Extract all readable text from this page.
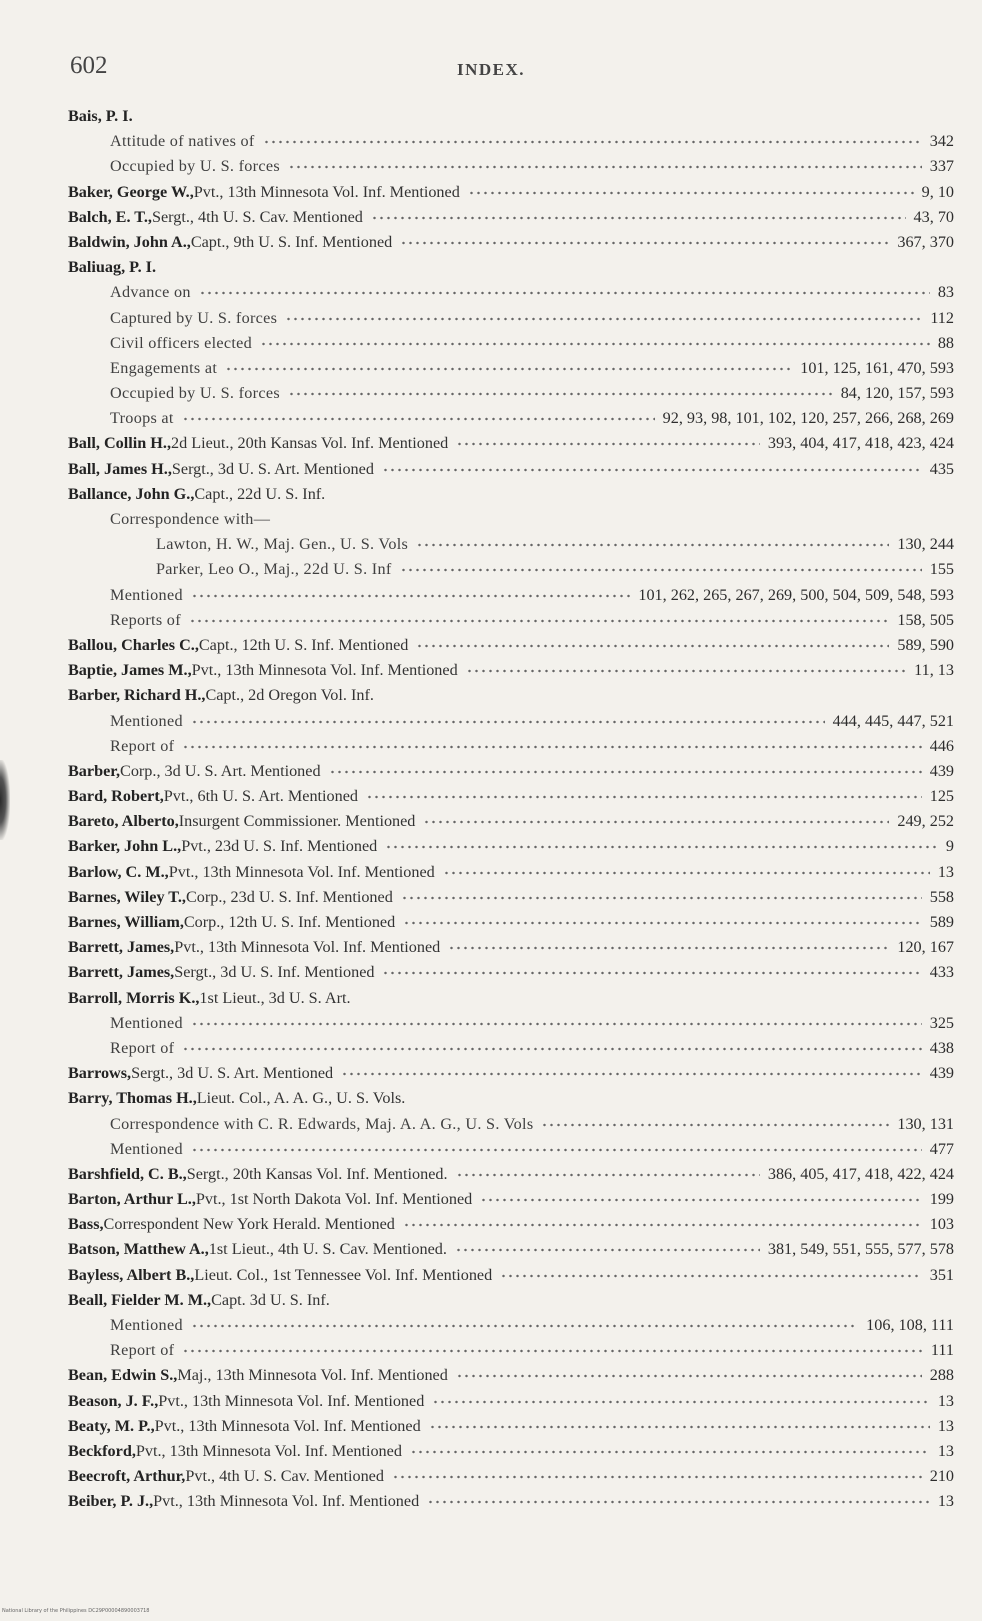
602	INDEX.
Bais, P. I.
Attitude of natives of	342
Occupied by U. S. forces	337
Baker, George W., Pvt., 13th Minnesota Vol. Inf. Mentioned	9, 10
Balch, E. T., Sergt., 4th U. S. Cav. Mentioned	43, 70
Baldwin, John A., Capt., 9th U. S. Inf. Mentioned	367, 370
Baliuag, P. I.
Advance on	83
Captured by U. S. forces	112
Civil officers elected	88
Engagements at	101, 125, 161, 470, 593
Occupied by U. S. forces	84, 120, 157, 593
Troops at	92, 93, 98, 101, 102, 120, 257, 266, 268, 269
Ball, Collin H., 2d Lieut., 20th Kansas Vol. Inf. Mentioned	393, 404, 417, 418, 423, 424
Ball, James H., Sergt., 3d U. S. Art. Mentioned	435
Ballance, John G., Capt., 22d U. S. Inf.
Correspondence with—
Lawton, H. W., Maj. Gen., U. S. Vols	130, 244
Parker, Leo O., Maj., 22d U. S. Inf	155
Mentioned	101, 262, 265, 267, 269, 500, 504, 509, 548, 593
Reports of	158, 505
Ballou, Charles C., Capt., 12th U. S. Inf. Mentioned	589, 590
Baptie, James M., Pvt., 13th Minnesota Vol. Inf. Mentioned	11, 13
Barber, Richard H., Capt., 2d Oregon Vol. Inf.
Mentioned	444, 445, 447, 521
Report of	446
Barber, Corp., 3d U. S. Art. Mentioned	439
Bard, Robert, Pvt., 6th U. S. Art. Mentioned	125
Bareto, Alberto, Insurgent Commissioner. Mentioned	249, 252
Barker, John L., Pvt., 23d U. S. Inf. Mentioned	9
Barlow, C. M., Pvt., 13th Minnesota Vol. Inf. Mentioned	13
Barnes, Wiley T., Corp., 23d U. S. Inf. Mentioned	558
Barnes, William, Corp., 12th U. S. Inf. Mentioned	589
Barrett, James, Pvt., 13th Minnesota Vol. Inf. Mentioned	120, 167
Barrett, James, Sergt., 3d U. S. Inf. Mentioned	433
Barroll, Morris K., 1st Lieut., 3d U. S. Art.
Mentioned	325
Report of	438
Barrows, Sergt., 3d U. S. Art. Mentioned	439
Barry, Thomas H., Lieut. Col., A. A. G., U. S. Vols.
Correspondence with C. R. Edwards, Maj. A. A. G., U. S. Vols	130, 131
Mentioned	477
Barshfield, C. B., Sergt., 20th Kansas Vol. Inf. Mentioned.	386, 405, 417, 418, 422, 424
Barton, Arthur L., Pvt., 1st North Dakota Vol. Inf. Mentioned	199
Bass, Correspondent New York Herald. Mentioned	103
Batson, Matthew A., 1st Lieut., 4th U. S. Cav. Mentioned.	381, 549, 551, 555, 577, 578
Bayless, Albert B., Lieut. Col., 1st Tennessee Vol. Inf. Mentioned	351
Beall, Fielder M. M., Capt. 3d U. S. Inf.
Mentioned	106, 108, 111
Report of	111
Bean, Edwin S., Maj., 13th Minnesota Vol. Inf. Mentioned	288
Beason, J. F., Pvt., 13th Minnesota Vol. Inf. Mentioned	13
Beaty, M. P., Pvt., 13th Minnesota Vol. Inf. Mentioned	13
Beckford, Pvt., 13th Minnesota Vol. Inf. Mentioned	13
Beecroft, Arthur, Pvt., 4th U. S. Cav. Mentioned	210
Beiber, P. J., Pvt., 13th Minnesota Vol. Inf. Mentioned	13
National Library of the Philippines DC29P00004890003718
